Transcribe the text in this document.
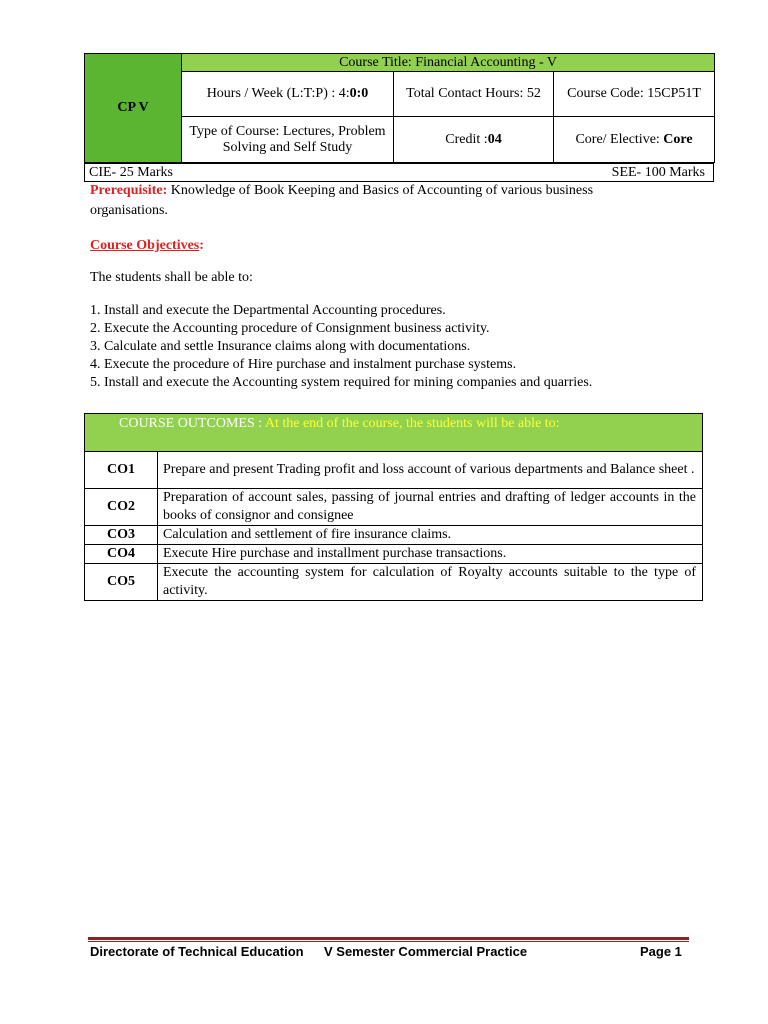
CP V	Course Title: Financial Accounting - V		
	Hours / Week (L:T:P) : 4:0:0	Total Contact Hours: 52	Course Code: 15CP51T
	Type of Course: Lectures, Problem Solving and Self Study	Credit :04	Core/ Elective: Core
CIE- 25 Marks	SEE- 100 Marks
Prerequisite: Knowledge of Book Keeping and Basics of Accounting of various business organisations.
Course Objectives:
The students shall be able to:
1. Install and execute the Departmental Accounting procedures.
2. Execute the Accounting procedure of Consignment business activity.
3. Calculate and settle Insurance claims along with documentations.
4. Execute the procedure of Hire purchase and instalment purchase systems.
5. Install and execute the Accounting system required for mining companies and quarries.
COURSE OUTCOMES : At the end of the course, the students will be able to:	
CO1	Prepare and present Trading profit and loss account of various departments and Balance sheet .
CO2	Preparation of account sales, passing of journal entries and drafting of ledger accounts in the books of consignor and consignee
CO3	Calculation and settlement of fire insurance claims.
CO4	Execute Hire purchase and installment purchase transactions.
CO5	Execute the accounting system for calculation of Royalty accounts suitable to the type of activity.
Directorate of Technical Education V Semester Commercial Practice	Page 1
